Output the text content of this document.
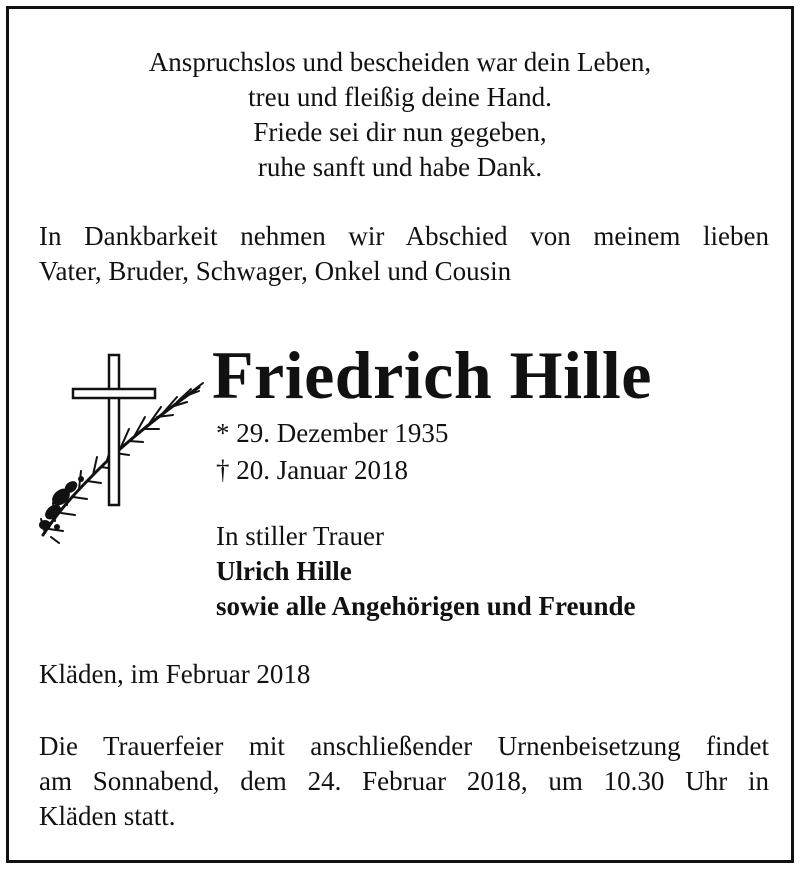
Anspruchslos und bescheiden war dein Leben,
treu und fleißig deine Hand.
Friede sei dir nun gegeben,
ruhe sanft und habe Dank.
In Dankbarkeit nehmen wir Abschied von meinem lieben
Vater, Bruder, Schwager, Onkel und Cousin
Friedrich Hille
* 29. Dezember 1935
† 20. Januar 2018
In stiller Trauer
Ulrich Hille
sowie alle Angehörigen und Freunde
Kläden, im Februar 2018
Die Trauerfeier mit anschließender Urnenbeisetzung findet
am Sonnabend, dem 24. Februar 2018, um 10.30 Uhr in
Kläden statt.
